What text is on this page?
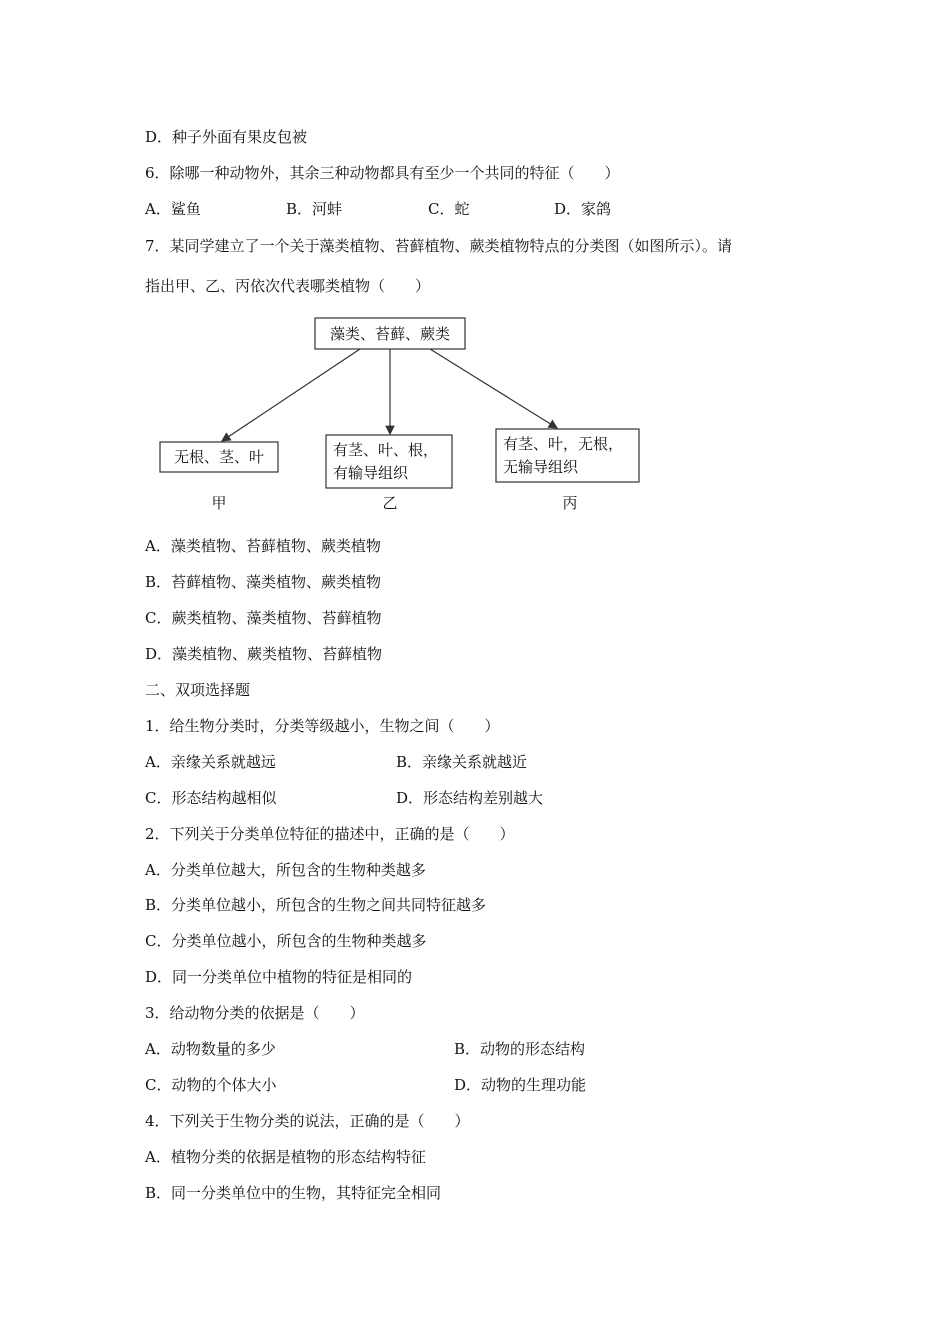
D．种子外面有果皮包被
6．除哪一种动物外，其余三种动物都具有至少一个共同的特征（　　）
A．鲨鱼	B．河蚌	C．蛇	D．家鸽
7．某同学建立了一个关于藻类植物、苔藓植物、蕨类植物特点的分类图（如图所示）。请
指出甲、乙、丙依次代表哪类植物（　　）
藻类、苔藓、蕨类
无根、茎、叶	有茎、叶、根，
有输导组织
有茎、叶，无根，
无输导组织
甲	乙	丙
A．藻类植物、苔藓植物、蕨类植物
B．苔藓植物、藻类植物、蕨类植物
C．蕨类植物、藻类植物、苔藓植物
D．藻类植物、蕨类植物、苔藓植物
二、双项选择题
1．给生物分类时，分类等级越小，生物之间（　　）
A．亲缘关系就越远	B．亲缘关系就越近
C．形态结构越相似	D．形态结构差别越大
2．下列关于分类单位特征的描述中，正确的是（　　）
A．分类单位越大，所包含的生物种类越多
B．分类单位越小，所包含的生物之间共同特征越多
C．分类单位越小，所包含的生物种类越多
D．同一分类单位中植物的特征是相同的
3．给动物分类的依据是（　　）
A．动物数量的多少	B．动物的形态结构
C．动物的个体大小	D．动物的生理功能
4．下列关于生物分类的说法，正确的是（　　）
A．植物分类的依据是植物的形态结构特征
B．同一分类单位中的生物，其特征完全相同
